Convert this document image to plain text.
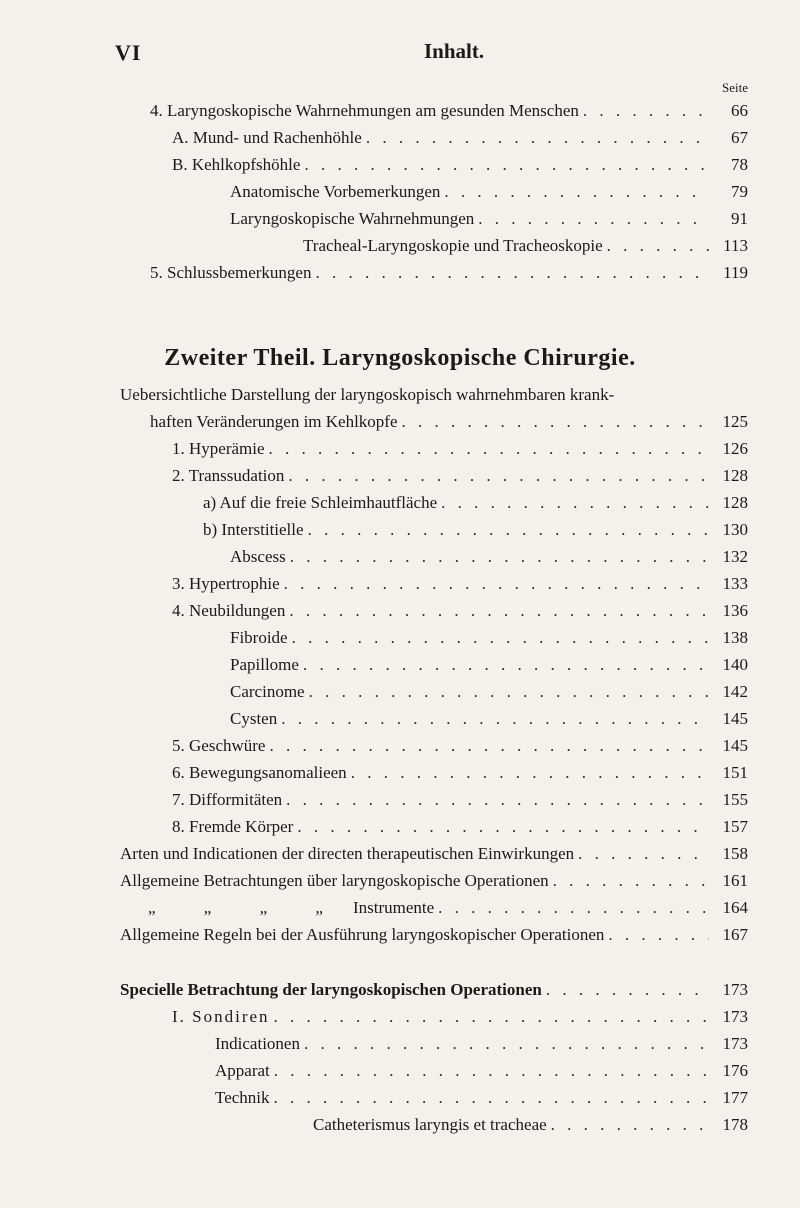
VI	Inhalt.
Seite
4. Laryngoskopische Wahrnehmungen am gesunden Menschen . . .	66
A. Mund- und Rachenhöhle . . .	67
B. Kehlkopfshöhle . . .	78
Anatomische Vorbemerkungen . . .	79
Laryngoskopische Wahrnehmungen . . .	91
Tracheal-Laryngoskopie und Tracheoskopie . . .	113
5. Schlussbemerkungen . . .	119
Zweiter Theil. Laryngoskopische Chirurgie.
Uebersichtliche Darstellung der laryngoskopisch wahrnehmbaren krank-
haften Veränderungen im Kehlkopfe . . .	125
1. Hyperämie . . .	126
2. Transsudation . . .	128
a) Auf die freie Schleimhautfläche . . .	128
b) Interstitielle . . .	130
Abscess . . .	132
3. Hypertrophie . . .	133
4. Neubildungen . . .	136
Fibroide . . .	138
Papillome . . .	140
Carcinome . . .	142
Cysten . . .	145
5. Geschwüre . . .	145
6. Bewegungsanomalieen . . .	151
7. Difformitäten . . .	155
8. Fremde Körper . . .	157
Arten und Indicationen der directen therapeutischen Einwirkungen . . .	158
Allgemeine Betrachtungen über laryngoskopische Operationen . . .	161
„ „ „ „ Instrumente . . .	164
Allgemeine Regeln bei der Ausführung laryngoskopischer Operationen . . .	167
Specielle Betrachtung der laryngoskopischen Operationen . . .	173
I. Sondiren . . .	173
Indicationen . . .	173
Apparat . . .	176
Technik . . .	177
Catheterismus laryngis et tracheae . . .	178
